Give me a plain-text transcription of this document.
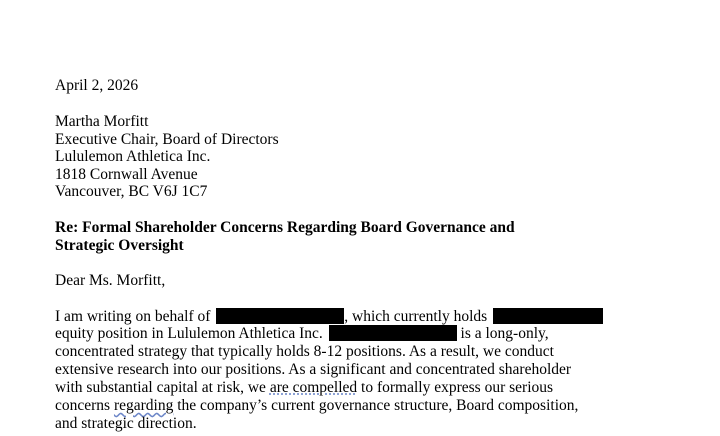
April 2, 2026
Martha Morfitt
Executive Chair, Board of Directors
Lululemon Athletica Inc.
1818 Cornwall Avenue
Vancouver, BC V6J 1C7
Re: Formal Shareholder Concerns Regarding Board Governance and
Strategic Oversight
Dear Ms. Morfitt,
I am writing on behalf of	, which currently holds
equity position in Lululemon Athletica Inc.	is a long-only,
concentrated strategy that typically holds 8-12 positions. As a result, we conduct
extensive research into our positions. As a significant and concentrated shareholder
with substantial capital at risk, we are compelled to formally express our serious
concerns regarding the company’s current governance structure, Board composition,
and strategic direction.
